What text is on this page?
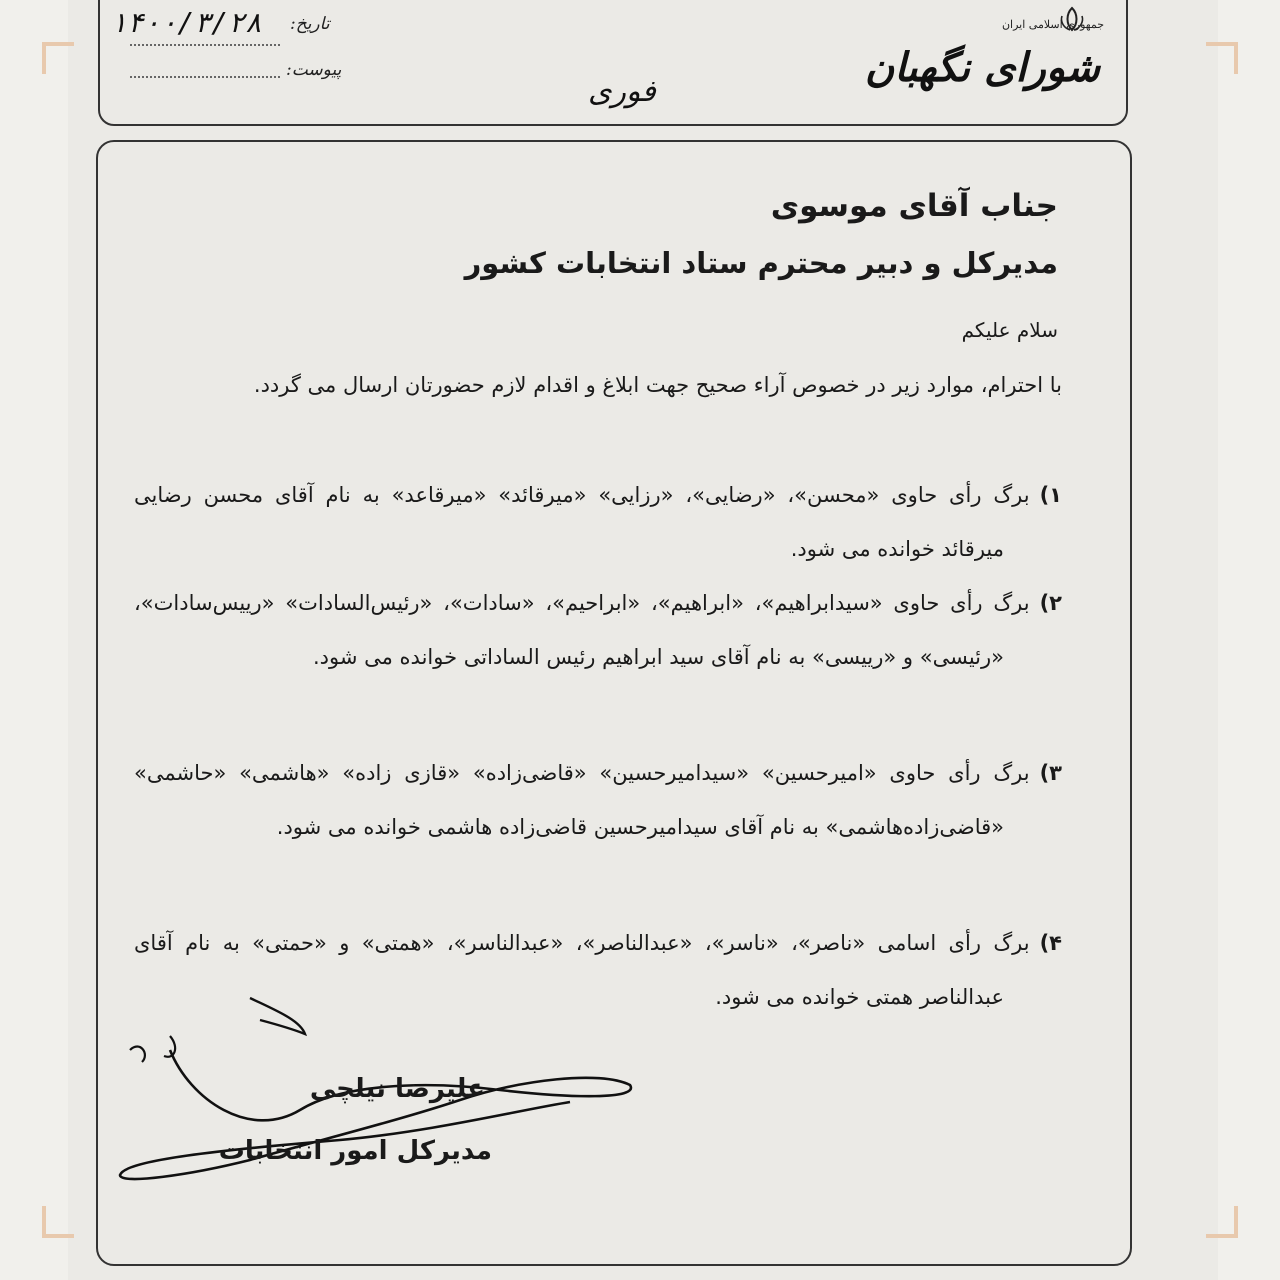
جمهوری اسلامی ایران
شورای نگهبان
تاریخ:
۱۴۰۰/۳/۲۸
پیوست:
فوری
جناب آقای موسوی
مدیرکل و دبیر محترم ستاد انتخابات کشور
سلام علیکم
با احترام، موارد زیر در خصوص آراء صحیح جهت ابلاغ و اقدام لازم حضورتان ارسال می گردد.
۱)برگ رأی حاوی «محسن»، «رضایی»، «رزایی» «میرقائد» «میرقاعد» به نام آقای محسن رضایی میرقائد خوانده می شود.
۲)برگ رأی حاوی «سیدابراهیم»، «ابراهیم»، «ابراحیم»، «سادات»، «رئیس‌السادات» «ریيس‌سادات»، «رئیسی» و «ریيسی» به نام آقای سید ابراهیم رئیس الساداتی خوانده می شود.
۳)برگ رأی حاوی «امیرحسین» «سیدامیرحسین» «قاضی‌زاده» «قازی زاده» «هاشمی» «حاشمی» «قاضی‌زاده‌هاشمی» به نام آقای سیدامیرحسین قاضی‌زاده هاشمی خوانده می شود.
۴)برگ رأی اسامی «ناصر»، «ناسر»، «عبدالناصر»، «عبدالناسر»، «همتی» و «حمتی» به نام آقای عبدالناصر همتی خوانده می شود.
علیرضا نیلچی
مدیرکل امور انتخابات
